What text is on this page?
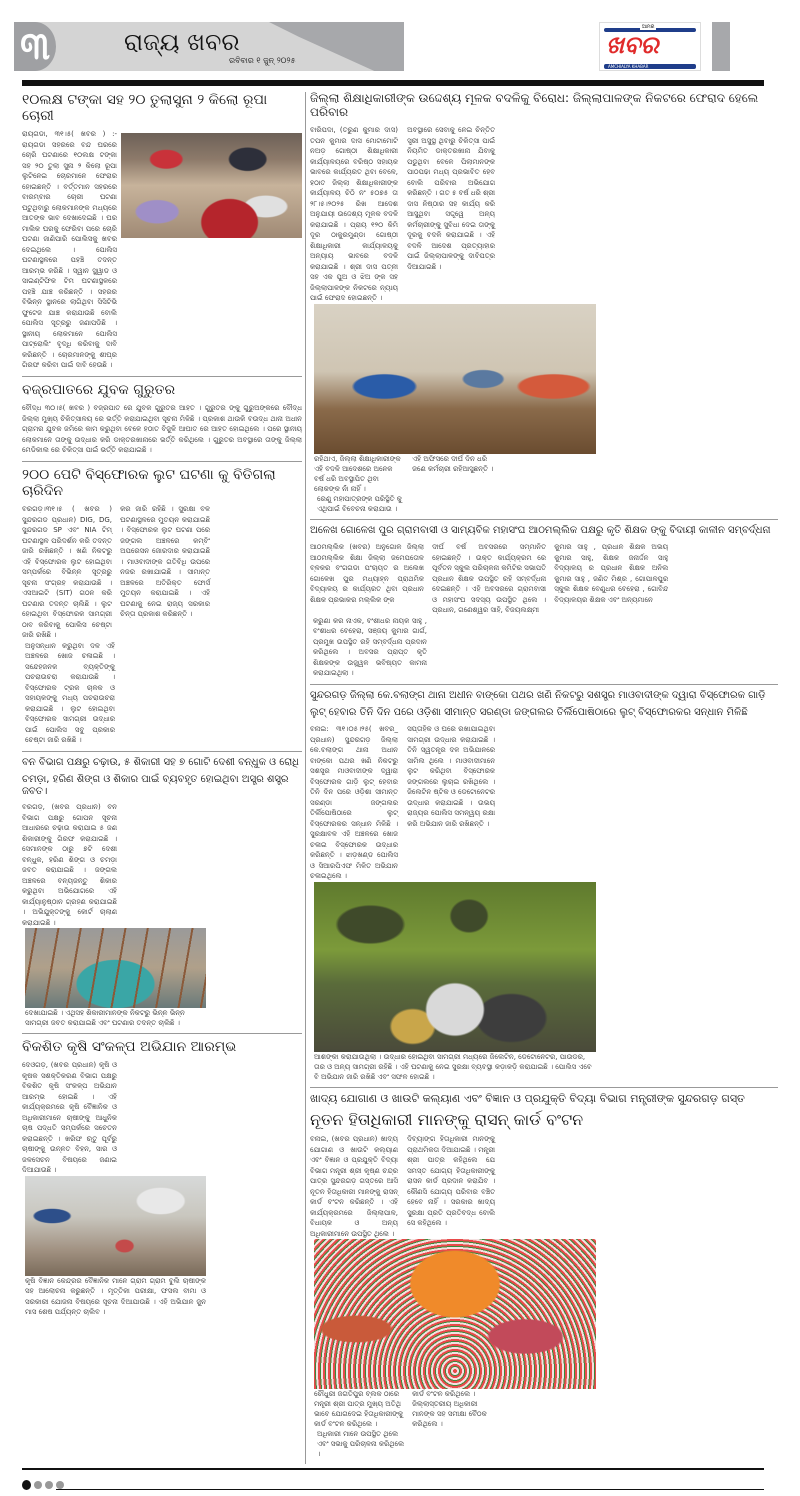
୩	ରାଜ୍ୟ ଖବର
ରବିବାର ୧ ଜୁନ୍ ୨୦୨୫
ଆମର
ଖବର
AMCHIALYA KHABAR
୧୦ଲକ୍ଷ ଟଙ୍କା ସହ ୨୦ ତୁଲାସୁନା ୨ କିଲୋ ରୂପା ଚୋରୀ
ରାୟଗଡା, ୩୧।୫( ଖବର ) :- ରାୟଗଡା ସହରରେ ବନ୍ଦ ଘରରେ ଚୋରି ଘଟଣାରେ ୧୦ଲକ୍ଷ ଟଙ୍କା ସହ ୨୦ ତୁଲା ସୁନା ୨ କିଲୋ ରୂପା ଲୁଟିନେଇ ଚୋରମାନେ ଫେରାର ହୋଇଛନ୍ତି । ବର୍ତ୍ତମାନ ସହରରେ ବାରମ୍ବାର ଚୋରୀ ଘଟଣା ଘଟୁଥିବାରୁ ଲୋକମାନଙ୍କ ମଧ୍ୟରେ ଆତଙ୍କ ଭାବ ଦେଖାଦେଇଛି । ଘର ମାଲିକ ଘରକୁ ଫେରିବା ପରେ ଚୋରି ଘଟଣା ଜାଣିପାରି ପୋଲିସକୁ ଖବର ଦେଇଥିଲେ । ପୋଲିସ ଘଟଣାସ୍ଥଳରେ ପହଞ୍ଚି ତଦନ୍ତ ଆରମ୍ଭ କରିଛି । ସ୍ୱାନ ସ୍କ୍ୱାଡ ଓ ସାଇଣ୍ଟିଫିକ ଟିମ ଘଟଣାସ୍ଥଳରେ ପହଞ୍ଚି ଯାଞ୍ଚ କରିଛନ୍ତି । ସହରର ବିଭିନ୍ନ ସ୍ଥାନରେ ଲାଗିଥିବା ସିସିଟିଭି ଫୁଟେଜ ଯାଞ୍ଚ କରାଯାଉଛି ବୋଲି ପୋଲିସ ସୂତ୍ରରୁ ଜଣାପଡିଛି । ସ୍ଥାନୀୟ ଲୋକମାନେ ପୋଲିସ ପାଟ୍ରୋଲିଂ ବୃଦ୍ଧି କରିବାକୁ ଦାବି କରିଛନ୍ତି । ଚୋରମାନଙ୍କୁ ଶୀଘ୍ର ଗିରଫ କରିବା ପାଇଁ ଦାବି ହେଉଛି ।
ବଜ୍ରପାତରେ ଯୁବକ ଗୁରୁତର
ବୌଦ୍ଧ ୩୦।୫( ଖବର ) ବଜ୍ରପାତ ରେ ଯୁବକ ଗୁରୁତର ଆହତ । ଗୁରୁତର ଙ୍କୁ ଗୁରୁଅଙ୍କରେ ବୌଦ୍ଧ ଜିଲ୍ଲା ମୁଖ୍ୟ ଚିକିତ୍ସାଳୟ ରେ ଭର୍ତ୍ତି କରାଯାଇଥିବା ସୂଚନା ମିଳିଛି । ପ୍ରକାଶ ଥାଉକି ବଉଦ୍ଧ ଥାନା ଅଧୀନ ଗ୍ରାମର ଯୁବକ ଜମିରେ କାମ କରୁଥିବା ବେଳେ ହଠାତ ବିଜୁଳି ଆଘାତ ରେ ଆହତ ହୋଇଥିଲେ । ପରେ ସ୍ଥାନୀୟ ଲୋକମାନେ ତାଙ୍କୁ ଉଦ୍ଧାର କରି ଡାକ୍ତରଖାନାରେ ଭର୍ତ୍ତି କରିଥିଲେ । ଗୁରୁତର ଅବସ୍ଥାରେ ତାଙ୍କୁ ଜିଲ୍ଲା ମେଡିକାଲ ରେ ଚିକିତ୍ସା ପାଇଁ ଭର୍ତ୍ତି କରାଯାଇଛି ।
୨୦୦ ପେଟି ବିସ୍ଫୋରକ ଲୁଟ ଘଟଣା କୁ ବିତିଗଲା ଚାରିଦିନ
ବରଗଡ଼।୩୧।୫ ( ଖବର ) ସୁନ୍ଦରଗଡ ପ୍ରଧାନ) DIG, DG, ସୁନ୍ଦରଗଡ SP ଏବଂ NIA ଟିମ୍ ଘଟଣାସ୍ଥଳ ପରିଦର୍ଶନ କରି ତଦନ୍ତ ଜାରି ରଖିଛନ୍ତି । ଖଣି ନିକଟରୁ ଏହି ବିସ୍ଫୋରକ ଲୁଟ ହୋଇଥିବା ସମ୍ପର୍କରେ ବିଭିନ୍ନ ସୂତ୍ରରୁ ସୂଚନା ସଂଗ୍ରହ କରାଯାଉଛି । ଏସଆଇଟି (SIT) ଗଠନ କରି ଘଟଣାର ତଦନ୍ତ ଚାଲିଛି । ଲୁଟ ହୋଇଥିବା ବିସ୍ଫୋରକ ସାମଗ୍ରୀ ଠାବ କରିବାକୁ ପୋଲିସ ଚେଷ୍ଟା ଜାରି ରଖିଛି । କର ଜାରି ରହିଛି । ସୁରକ୍ଷା ବଳ ଘଟଣାସ୍ଥଳରେ ମୁତୟନ କରାଯାଇଛି । ବିସ୍ଫୋରକ ଲୁଟ ଘଟଣା ପରେ ଜଙ୍ଗଲ ଅଞ୍ଚଳରେ କମ୍ବିଂ ଅପରେସନ ଜୋରଦାର କରାଯାଇଛି । ମାଓବାଦୀଙ୍କ ଗତିବିଧି ଉପରେ ନଜର ରଖାଯାଇଛି । ସୀମାନ୍ତ ଅଞ୍ଚଳରେ ଅତିରିକ୍ତ ଫୋର୍ସ ମୁତୟନ କରାଯାଇଛି । ଏହି ଘଟଣାକୁ ନେଇ ରାଜ୍ୟ ସରକାର ଚିନ୍ତା ପ୍ରକାଶ କରିଛନ୍ତି । ଅନୁସନ୍ଧାନ କରୁଥିବା ଦଳ ଏହି ଅଞ୍ଚଳରେ ଖୋଜ ଚଳାଇଛି । ସନ୍ଦେହଜନକ ବ୍ୟକ୍ତିଙ୍କୁ ପଚରାଉଚରା କରାଯାଉଛି । ବିସ୍ଫୋରକ ଟ୍ରକ ଚାଳକ ଓ ସହାୟକଙ୍କୁ ମଧ୍ୟ ପଚରାଉଚରା କରାଯାଇଛି । ଲୁଟ ହୋଇଥିବା ବିସ୍ଫୋରକ ସାମଗ୍ରୀ ଉଦ୍ଧାର ପାଇଁ ପୋଲିସ ସବୁ ପ୍ରକାର ଚେଷ୍ଟା ଜାରି ରଖିଛି ।
ବନ ବିଭାଗ ପକ୍ଷରୁ ଚଢ଼ାଉ, ୫ ଶିକାରୀ ସହ ୭ ଗୋଟି ଦେଶୀ ବନ୍ଧୁକ ଓ ରୋଧି
ଚମଡ଼ା, ହରିଣ ଶିଙ୍ଗ ଓ ଶିକାର ପାଇଁ ବ୍ୟବହୃତ ହୋଇଥିବା ଅସ୍ତ୍ର ଶସ୍ତ୍ର ଜବତ।
ବରଗଡ଼, (ଖବର ପ୍ରଧାନ) ବନ ବିଭାଗ ପକ୍ଷରୁ ଗୋପନ ସୂଚନା ଆଧାରରେ ଚଢ଼ାଉ କରାଯାଇ ୫ ଜଣ ଶିକାରୀଙ୍କୁ ଗିରଫ କରାଯାଇଛି । ସେମାନଙ୍କ ଠାରୁ ୭ଟି ଦେଶୀ ବନ୍ଧୁକ, ହରିଣ ଶିଙ୍ଗ ଓ ଚମଡ଼ା ଜବତ କରାଯାଇଛି । ଜଙ୍ଗଲ ଅଞ୍ଚଳରେ ବନ୍ୟଜନ୍ତୁ ଶିକାର କରୁଥିବା ଅଭିଯୋଗରେ ଏହି କାର୍ଯ୍ୟାନୁଷ୍ଠାନ ଗ୍ରହଣ କରାଯାଇଛି । ଅଭିଯୁକ୍ତଙ୍କୁ କୋର୍ଟ ଚାଲାଣ କରାଯାଇଛି ।
ଦେଖାଯାଇଛି । ଏଥିସହ ଶିକାରୀମାନଙ୍କ ନିକଟରୁ ଭିନ୍ନ ଭିନ୍ନ ସାମଗ୍ରୀ ଜବତ କରାଯାଇଛି ଏବଂ ଘଟଣାର ତଦନ୍ତ ଚାଲିଛି ।
ବିକଶିତ କୃଷି ସଂକଳ୍ପ ଅଭିଯାନ ଆରମ୍ଭ
ଦେଓଗଡ଼, (ଖବର ପ୍ରଧାନ) କୃଷି ଓ କୃଷକ ସଶକ୍ତିକରଣ ବିଭାଗ ପକ୍ଷରୁ ବିକଶିତ କୃଷି ସଂକଳ୍ପ ଅଭିଯାନ ଆରମ୍ଭ ହୋଇଛି । ଏହି କାର୍ଯ୍ୟକ୍ରମରେ କୃଷି ବୈଜ୍ଞାନିକ ଓ ଅଧିକାରୀମାନେ ଚାଷୀଙ୍କୁ ଆଧୁନିକ ଚାଷ ପଦ୍ଧତି ସମ୍ପର୍କରେ ସଚେତନ କରାଇଛନ୍ତି । ଖରିଫ ଋତୁ ପୂର୍ବରୁ ଚାଷୀଙ୍କୁ ଉନ୍ନତ ବିହନ, ସାର ଓ ଜଳସେଚନ ବିଷୟରେ ଜଣାଇ ଦିଆଯାଉଛି ।
କୃଷି ବିଜ୍ଞାନ କେନ୍ଦ୍ରର ବୈଜ୍ଞାନିକ ମାନେ ଗ୍ରାମ ଗ୍ରାମ ବୁଲି ଚାଷୀଙ୍କ ସହ ଆଲୋଚନା କରୁଛନ୍ତି । ମୃତ୍ତିକା ପରୀକ୍ଷା, ଫସଲ ବୀମା ଓ ସରକାରୀ ଯୋଜନା ବିଷୟରେ ସୂଚନା ଦିଆଯାଉଛି । ଏହି ଅଭିଯାନ ଜୁନ ମାସ ଶେଷ ପର୍ଯ୍ୟନ୍ତ ଚାଲିବ ।
ଜିଲ୍ଲା ଶିକ୍ଷାଧିକାରୀଙ୍କ ଉଦ୍ଦେଶ୍ୟ ମୂଳକ ବଦଳିକୁ ବିରୋଧ: ଜିଲ୍ଲାପାଳଙ୍କ ନିକଟରେ ଫେରାଦ ହେଲେ ପରିବାର
ବାରିପଦା, (ତରୁଣ କୁମାର ଦାସ) ତପନ କୁମାର ଦାସ ମୋଟାମୋଟି ନଅଡ଼ ଗୋଷ୍ଠୀ ଶିକ୍ଷାଧିକାରୀ କାର୍ଯ୍ୟାଳୟରେ ବରିଷ୍ଠ ସହାୟକ ଭାବରେ କାର୍ଯ୍ୟରତ ଥିବା ବେଳେ, ହଠାତ ଜିଲ୍ଲା ଶିକ୍ଷାଧିକାରୀଙ୍କ କାର୍ଯ୍ୟାଳୟ ଚିଠି ନଂ ୫୦୭୫ ତା ୨୮।୫।୨୦୨୫ ରିଖ ଆଦେଶ ଅନୁଯାୟୀ ଉଦ୍ଦେଶ୍ୟ ମୂଳକ ବଦଳି କରାଯାଇଛି । ପ୍ରାୟ ୧୨୦ କିମି ଦୂର ଠାକୁରମୁଣ୍ଡା ଗୋଷ୍ଠୀ ଶିକ୍ଷାଧିକାରୀ କାର୍ଯ୍ୟାଳୟକୁ ଅନ୍ୟାୟ ଭାବରେ ବଦଳି କରାଯାଇଛି । ଶ୍ରୀ ଦାସ ପତ୍ନୀ ସହ ଏକ ପୁଅ ଓ ଝିଅ ଙ୍କ ସହ ଜିଲ୍ଲାପାଳଙ୍କ ନିକଟରେ ନ୍ୟାୟ ପାଇଁ ଫେରାଦ ହୋଇଛନ୍ତି । ଅବସ୍ଥାରେ ସେବାକୁ ନେଇ ଚିନ୍ତିତ ସ୍ତ୍ରୀ ଅସୁସ୍ଥ ଥିବାରୁ ଚିକିତ୍ସା ପାଇଁ ନିୟମିତ ଡାକ୍ତରଖାନା ଯିବାକୁ ପଡୁଥିବା ବେଳେ ପିଲାମାନଙ୍କ ପାଠପଢା ମଧ୍ୟ ପ୍ରଭାବିତ ହେବ ବୋଲି ପରିବାର ଅଭିଯୋଗ କରିଛନ୍ତି । ଗତ ୫ ବର୍ଷ ଧରି ଶ୍ରୀ ଦାସ ନିଷ୍ଠାର ସହ କାର୍ଯ୍ୟ କରି ଆସୁଥିବା ସତ୍ତ୍ୱେ ଅନ୍ୟ କର୍ମଚାରୀଙ୍କୁ ସୁବିଧା ଦେଇ ତାଙ୍କୁ ଦୂରକୁ ବଦଳି କରାଯାଇଛି । ଏହି ବଦଳି ଆଦେଶ ପ୍ରତ୍ୟାହାର ପାଇଁ ଜିଲ୍ଲାପାଳଙ୍କୁ ଦାବିପତ୍ର ଦିଆଯାଇଛି ।
ରହିଥାଏ, ଜିଲ୍ଲା ଶିକ୍ଷାଧିକାରୀଙ୍କ ଏହି ବଦଳି ଆଦେଶରେ ଅନେକ ବର୍ଷ ଧରି ଅବସ୍ଥାପିତ ଥିବା ଲୋକଙ୍କ ନାଁ ନାହିଁ । ଏହି ଅଫିସରେ ଦୀର୍ଘ ଦିନ ଧରି ଜଣେ କର୍ମଚାରୀ ରହିଆସୁଛନ୍ତି । ରେଣୁ ମହାପାତ୍ରଙ୍କ ପରିସ୍ଥିତି କୁ ଏଥିପାଇଁ ବିବେଚନା କରାଯାଉ ।
ଅଳେଖ ଗୋଳେଖ ପୁର ଗ୍ରାମବାସୀ ଓ ସାମ୍ୟବିକ ମହାସଂଘ ଆଠମଲ୍ଲିକ ପକ୍ଷରୁ କୃତି ଶିକ୍ଷକ ଙ୍କୁ ବିଦାୟୀ କାଳୀନ ସମ୍ବର୍ଦ୍ଧନା
ଆଠମଲ୍ଲିକ (ଖବର) ଅନୁଗୋଳ ଜିଲ୍ଲା ଆଠମଲ୍ଲିକ ଶିକ୍ଷା ଜିଲ୍ଲା ଜମେପତୋଳ ବ୍ଳକର ବଂଗଗଡା ପଂଚାୟତ ର ଅଲେଖ ଗୋଳେଖ ପୁର ମଧ୍ୟାହ୍ନ ପ୍ରାଥମିକ ବିଦ୍ୟାଳୟ ର କାର୍ଯ୍ୟରତ ଥିବା ପ୍ରଧାନ ଶିକ୍ଷକ ପ୍ରଭାକର ମଲ୍ଲିକ ଙ୍କ ଦୀର୍ଘ ବର୍ଷ ଅବସରରେ ସମ୍ମାନିତ ହୋଇଛନ୍ତି । ଉକ୍ତ କାର୍ଯ୍ୟକ୍ରମ ରେ ପୂର୍ବତନ ସ୍କୁଲ ପରିଚାଳନା କମିଟିର ସଭାପତି ପ୍ରଧାନ ଶିକ୍ଷକ ଉପସ୍ଥିତ ରହି ସମ୍ବର୍ଦ୍ଧନା ଦେଇଛନ୍ତି । ଏହି ଅବସରରେ ଗ୍ରାମବାସୀ ଓ ମହାସଂଘ ସଦସ୍ୟ ଉପସ୍ଥିତ ଥିଲେ । ପ୍ରଧାନ, ଗଣେଶ୍ୱର ସାହି, ବିଜୟଲକ୍ଷ୍ମୀ କୁମାର ସାହୁ , ପ୍ରଧାନ ଶିକ୍ଷକ ଅଭୟ କୁମାର ସାହୁ, ଶିକ୍ଷକ ଜନାର୍ଦ୍ଦନ ସାହୁ ବିଦ୍ୟାଳୟ ର ପ୍ରଧାନ ଶିକ୍ଷକ ଅନିଲ କୁମାର ସାହୁ , ଜଣିତ ମିଶ୍ର , ଗୋପାଳପୁର ସ୍କୁଲ ଶିକ୍ଷକ ବେଣୁଧର ବେହେରା , ଗୋବିନ୍ଦ ବିଦ୍ୟାଳୟର ଶିକ୍ଷକ ଏବଂ ଅନ୍ୟମାନେ କରୁଣା କର ନାଏକ, ବଂଶୀଧର ନାୟକ ସାହୁ , ବଂଶୀଧର ବେହେରା, ସଞ୍ଜୟ କୁମାର ଗାର୍ଗ, ପ୍ରମୁଖ ଉପସ୍ଥିତ ରହି ସମ୍ବର୍ଦ୍ଧନା ପ୍ରଦାନ କରିଥିଲେ । ଅବସର ପ୍ରାପ୍ତ କୃତି ଶିକ୍ଷକଙ୍କ ଉଜ୍ଜ୍ୱଳ ଭବିଷ୍ୟତ କାମନା କରାଯାଇଥିଲା ।
ସୁନ୍ଦରଗଡ଼ ଜିଲ୍ଲା କେ.ବଲାଙ୍ଗ ଥାନା ଅଧୀନ ବାଙ୍କୋ ପଥର ଖଣି ନିକଟରୁ ସଶସ୍ତ୍ର ମାଓବାଦୀଙ୍କ ଦ୍ୱାରା ବିସ୍ଫୋରକ ଗାଡ଼ି
ଲୁଟ୍ ହେବାର ତିନି ଦିନ ପରେ ଓଡ଼ିଶା ସୀମାନ୍ତ ସରଣ୍ଡା ଜଙ୍ଗଲର ତିର୍ଲିପୋଷିଠାରେ ଲୁଟ୍ ବିସ୍ଫୋରକର ସନ୍ଧାନ ମିଳିଛି
ବନାଇ: ୩୧।୦୫।୨୫( ଖବର_ ପ୍ରଧାନ) ସୁନ୍ଦରଗଡ଼ ଜିଲ୍ଲା କେ.ବଲାଙ୍ଗ ଥାନା ଅଧୀନ ବାଙ୍କୋ ପଥର ଖଣି ନିକଟରୁ ସଶସ୍ତ୍ର ମାଓବାଦୀଙ୍କ ଦ୍ୱାରା ବିସ୍ଫୋରକ ଗାଡ଼ି ଲୁଟ୍ ହେବାର ତିନି ଦିନ ପରେ ଓଡ଼ିଶା ସୀମାନ୍ତ ସରଣ୍ଡା ଜଙ୍ଗଲର ତିର୍ଲିପୋଷିଠାରେ ଲୁଟ୍ ବିସ୍ଫୋରକର ସନ୍ଧାନ ମିଳିଛି । ସୁରକ୍ଷାବଳ ଏହି ଅଞ୍ଚଳରେ ଖୋଜ ଚଳାଇ ବିସ୍ଫୋରକ ଉଦ୍ଧାର କରିଛନ୍ତି । ଝାଡ଼ଖଣ୍ଡ ପୋଲିସ ଓ ସିଆରପିଏଫ ମିଳିତ ଅଭିଯାନ ଚଳାଇଥିଲେ । ସପ୍ତାହିକ ଓ ଘରେ ରଖାଯାଇଥିବା ସାମଗ୍ରୀ ଉଦ୍ଧାର କରାଯାଇଛି । ତିନି ସ୍ୱତନ୍ତ୍ର ଦଳ ଅଭିଯାନରେ ସାମିଲ ଥିଲେ । ମାଓବାଦୀମାନେ ଲୁଟ କରିଥିବା ବିସ୍ଫୋରକ ଜଙ୍ଗଲରେ ଲୁଚାଇ ରଖିଥିଲେ । ଜିଲେଟିନ ଷ୍ଟିକ ଓ ଡେଟୋନେଟର ଉଦ୍ଧାର କରାଯାଇଛି । ଉଭୟ ରାଜ୍ୟର ପୋଲିସ ସମନ୍ୱୟ ରକ୍ଷା କରି ଅଭିଯାନ ଜାରି ରଖିଛନ୍ତି ।
ଆଶଙ୍କା କରାଯାଉଥିଲା । ଉଦ୍ଧାର ହୋଇଥିବା ସାମଗ୍ରୀ ମଧ୍ୟରେ ଜିଲେଟିନ, ଡେଟୋନେଟର, ପାଉଡର, ତାର ଓ ଅନ୍ୟ ସାମଗ୍ରୀ ରହିଛି । ଏହି ଘଟଣାକୁ ନେଇ ସୁରକ୍ଷା ବ୍ୟବସ୍ଥା କଡ଼ାକଡ଼ି କରାଯାଇଛି । ପୋଲିସ ଏବେ ବି ଅଭିଯାନ ଜାରି ରଖିଛି ଏବଂ ସଫଳ ହୋଇଛି ।
ଖାଦ୍ୟ ଯୋଗାଣ ଓ ଖାଉଟି କଲ୍ୟାଣ ଏବଂ ବିଜ୍ଞାନ ଓ ପ୍ରଯୁକ୍ତି ବିଦ୍ୟା ବିଭାଗ ମନ୍ତ୍ରୀଙ୍କ ସୁନ୍ଦରଗଡ଼ ଗସ୍ତ
ନୂତନ ହିତାଧିକାରୀ ମାନଙ୍କୁ ରାସନ୍ କାର୍ଡ ବଂଟନ
ବନାଇ, (ଖବର ପ୍ରଧାନ) ଖାଦ୍ୟ ଯୋଗାଣ ଓ ଖାଉଟି କଲ୍ୟାଣ ଏବଂ ବିଜ୍ଞାନ ଓ ପ୍ରଯୁକ୍ତି ବିଦ୍ୟା ବିଭାଗ ମନ୍ତ୍ରୀ ଶ୍ରୀ କୃଷ୍ଣ ଚନ୍ଦ୍ର ପାତ୍ର ସୁନ୍ଦରଗଡ଼ ଗସ୍ତରେ ଆସି ନୂତନ ହିତାଧିକାରୀ ମାନଙ୍କୁ ରାସନ୍ କାର୍ଡ ବଂଟନ କରିଛନ୍ତି । ଏହି କାର୍ଯ୍ୟକ୍ରମରେ ଜିଲ୍ଲାପାଳ, ବିଧାୟକ ଓ ଅନ୍ୟ ଅଧିକାରୀମାନେ ଉପସ୍ଥିତ ଥିଲେ । ଦିବ୍ୟାଙ୍ଗ ହିତାଧିକାରୀ ମାନଙ୍କୁ ପ୍ରାଥମିକତା ଦିଆଯାଇଛି । ମନ୍ତ୍ରୀ ଶ୍ରୀ ପାତ୍ର କହିଥିଲେ ଯେ ସମସ୍ତ ଯୋଗ୍ୟ ହିତାଧିକାରୀଙ୍କୁ ରାସନ କାର୍ଡ ପ୍ରଦାନ କରାଯିବ । କୌଣସି ଯୋଗ୍ୟ ପରିବାର ବଞ୍ଚିତ ହେବେ ନାହିଁ । ସରକାର ଖାଦ୍ୟ ସୁରକ୍ଷା ପ୍ରତି ପ୍ରତିବଦ୍ଧ ବୋଲି ସେ କହିଥିଲେ ।
ଚୌଧୁରୀ ଜଗତିପୁର ବ୍ଲକ ଠାରେ ମନ୍ତ୍ରୀ ଶ୍ରୀ ପାତ୍ର ମୁଖ୍ୟ ଅତିଥି ଭାବେ ଯୋଗଦେଇ ହିତାଧିକାରୀଙ୍କୁ କାର୍ଡ ବଂଟନ କରିଥିଲେ । କାର୍ଡ ବଂଟନ କରିଥିଲେ । ଜିଲ୍ଲାସ୍ତରୀୟ ଅଧିକାରୀ ମାନଙ୍କ ସହ ସମୀକ୍ଷା ବୈଠକ କରିଥିଲେ । ଅଧିକାରୀ ମାନେ ଉପସ୍ଥିତ ଥିଲେ ଏବଂ ସଭାକୁ ପରିଚାଳନା କରିଥିଲେ ।
